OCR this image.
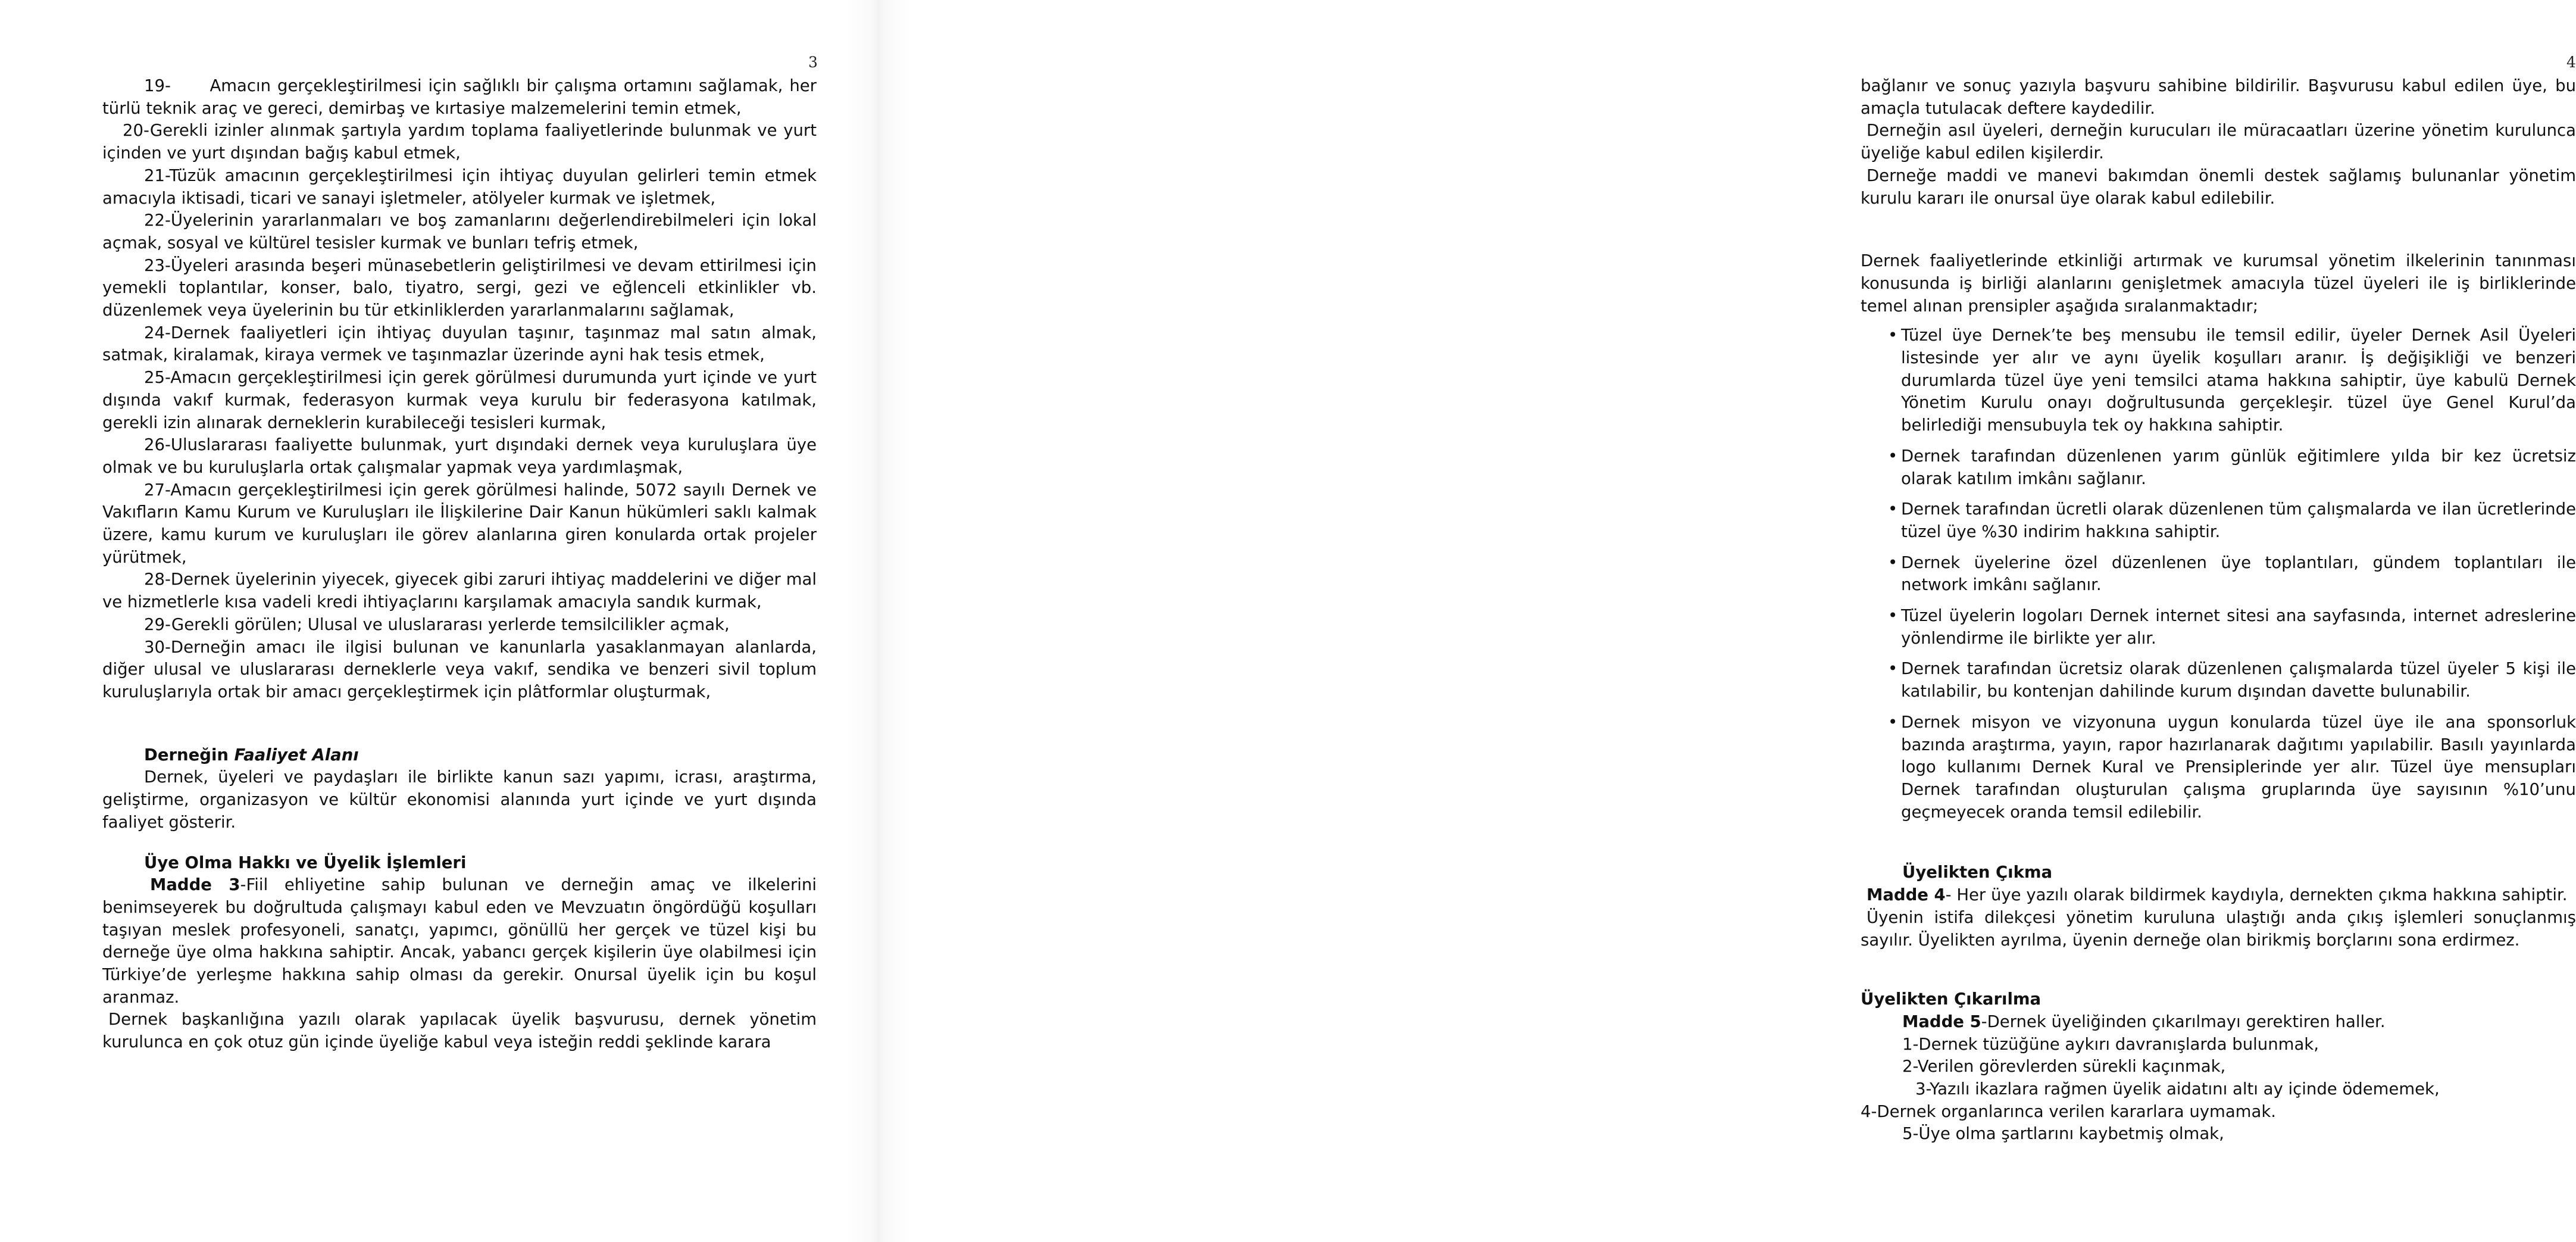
3

19-      Amacın gerçekleştirilmesi için sağlıklı bir çalışma ortamını sağlamak, her türlü teknik araç ve gereci, demirbaş ve kırtasiye malzemelerini temin etmek,

20-Gerekli izinler alınmak şartıyla yardım toplama faaliyetlerinde bulunmak ve yurt içinden ve yurt dışından bağış kabul etmek,

21-Tüzük amacının gerçekleştirilmesi için ihtiyaç duyulan gelirleri temin etmek amacıyla iktisadi, ticari ve sanayi işletmeler, atölyeler kurmak ve işletmek,

22-Üyelerinin yararlanmaları ve boş zamanlarını değerlendirebilmeleri için lokal açmak, sosyal ve kültürel tesisler kurmak ve bunları tefriş etmek,

23-Üyeleri arasında beşeri münasebetlerin geliştirilmesi ve devam ettirilmesi için yemekli toplantılar, konser, balo, tiyatro, sergi, gezi ve eğlenceli etkinlikler vb. düzenlemek veya üyelerinin bu tür etkinliklerden yararlanmalarını sağlamak,

24-Dernek faaliyetleri için ihtiyaç duyulan taşınır, taşınmaz mal satın almak, satmak, kiralamak, kiraya vermek ve taşınmazlar üzerinde ayni hak tesis etmek,

25-Amacın gerçekleştirilmesi için gerek görülmesi durumunda yurt içinde ve yurt dışında vakıf kurmak, federasyon kurmak veya kurulu bir federasyona katılmak, gerekli izin alınarak derneklerin kurabileceği tesisleri kurmak,

26-Uluslararası faaliyette bulunmak, yurt dışındaki dernek veya kuruluşlara üye olmak ve bu kuruluşlarla ortak çalışmalar yapmak veya yardımlaşmak,

27-Amacın gerçekleştirilmesi için gerek görülmesi halinde, 5072 sayılı Dernek ve Vakıfların Kamu Kurum ve Kuruluşları ile İlişkilerine Dair Kanun hükümleri saklı kalmak üzere, kamu kurum ve kuruluşları ile görev alanlarına giren konularda ortak projeler yürütmek,

28-Dernek üyelerinin yiyecek, giyecek gibi zaruri ihtiyaç maddelerini ve diğer mal ve hizmetlerle kısa vadeli kredi ihtiyaçlarını karşılamak amacıyla sandık kurmak,

29-Gerekli görülen; Ulusal ve uluslararası yerlerde temsilcilikler açmak,

30-Derneğin amacı ile ilgisi bulunan ve kanunlarla yasaklanmayan alanlarda, diğer ulusal ve uluslararası derneklerle veya vakıf, sendika ve benzeri sivil toplum kuruluşlarıyla ortak bir amacı gerçekleştirmek için plâtformlar oluşturmak,

Derneğin Faaliyet Alanı

Dernek, üyeleri ve paydaşları ile birlikte kanun sazı yapımı, icrası, araştırma, geliştirme, organizasyon ve kültür ekonomisi alanında yurt içinde ve yurt dışında faaliyet gösterir.

Üye Olma Hakkı ve Üyelik İşlemleri

Madde 3-Fiil ehliyetine sahip bulunan ve derneğin amaç ve ilkelerini benimseyerek bu doğrultuda çalışmayı kabul eden ve Mevzuatın öngördüğü koşulları taşıyan meslek profesyoneli, sanatçı, yapımcı, gönüllü her gerçek ve tüzel kişi bu derneğe üye olma hakkına sahiptir. Ancak, yabancı gerçek kişilerin üye olabilmesi için Türkiye’de yerleşme hakkına sahip olması da gerekir. Onursal üyelik için bu koşul aranmaz.

Dernek başkanlığına yazılı olarak yapılacak üyelik başvurusu, dernek yönetim kurulunca en çok otuz gün içinde üyeliğe kabul veya isteğin reddi şeklinde karara

4

bağlanır ve sonuç yazıyla başvuru sahibine bildirilir. Başvurusu kabul edilen üye, bu amaçla tutulacak deftere kaydedilir.

Derneğin asıl üyeleri, derneğin kurucuları ile müracaatları üzerine yönetim kurulunca üyeliğe kabul edilen kişilerdir.

Derneğe maddi ve manevi bakımdan önemli destek sağlamış bulunanlar yönetim kurulu kararı ile onursal üye olarak kabul edilebilir.

Dernek faaliyetlerinde etkinliği artırmak ve kurumsal yönetim ilkelerinin tanınması konusunda iş birliği alanlarını genişletmek amacıyla tüzel üyeleri ile iş birliklerinde temel alınan prensipler aşağıda sıralanmaktadır;

• Tüzel üye Dernek’te beş mensubu ile temsil edilir, üyeler Dernek Asil Üyeleri listesinde yer alır ve aynı üyelik koşulları aranır. İş değişikliği ve benzeri durumlarda tüzel üye yeni temsilci atama hakkına sahiptir, üye kabulü Dernek Yönetim Kurulu onayı doğrultusunda gerçekleşir. tüzel üye Genel Kurul’da belirlediği mensubuyla tek oy hakkına sahiptir.
• Dernek tarafından düzenlenen yarım günlük eğitimlere yılda bir kez ücretsiz olarak katılım imkânı sağlanır.
• Dernek tarafından ücretli olarak düzenlenen tüm çalışmalarda ve ilan ücretlerinde tüzel üye %30 indirim hakkına sahiptir.
• Dernek üyelerine özel düzenlenen üye toplantıları, gündem toplantıları ile network imkânı sağlanır.
• Tüzel üyelerin logoları Dernek internet sitesi ana sayfasında, internet adreslerine yönlendirme ile birlikte yer alır.
• Dernek tarafından ücretsiz olarak düzenlenen çalışmalarda tüzel üyeler 5 kişi ile katılabilir, bu kontenjan dahilinde kurum dışından davette bulunabilir.
• Dernek misyon ve vizyonuna uygun konularda tüzel üye ile ana sponsorluk bazında araştırma, yayın, rapor hazırlanarak dağıtımı yapılabilir. Basılı yayınlarda logo kullanımı Dernek Kural ve Prensiplerinde yer alır. Tüzel üye mensupları Dernek tarafından oluşturulan çalışma gruplarında üye sayısının %10’unu geçmeyecek oranda temsil edilebilir.

Üyelikten Çıkma

Madde 4- Her üye yazılı olarak bildirmek kaydıyla, dernekten çıkma hakkına sahiptir.

Üyenin istifa dilekçesi yönetim kuruluna ulaştığı anda çıkış işlemleri sonuçlanmış sayılır. Üyelikten ayrılma, üyenin derneğe olan birikmiş borçlarını sona erdirmez.

Üyelikten Çıkarılma

Madde 5-Dernek üyeliğinden çıkarılmayı gerektiren haller.

1-Dernek tüzüğüne aykırı davranışlarda bulunmak,

2-Verilen görevlerden sürekli kaçınmak,

3-Yazılı ikazlara rağmen üyelik aidatını altı ay içinde ödememek,

4-Dernek organlarınca verilen kararlara uymamak.

5-Üye olma şartlarını kaybetmiş olmak,
